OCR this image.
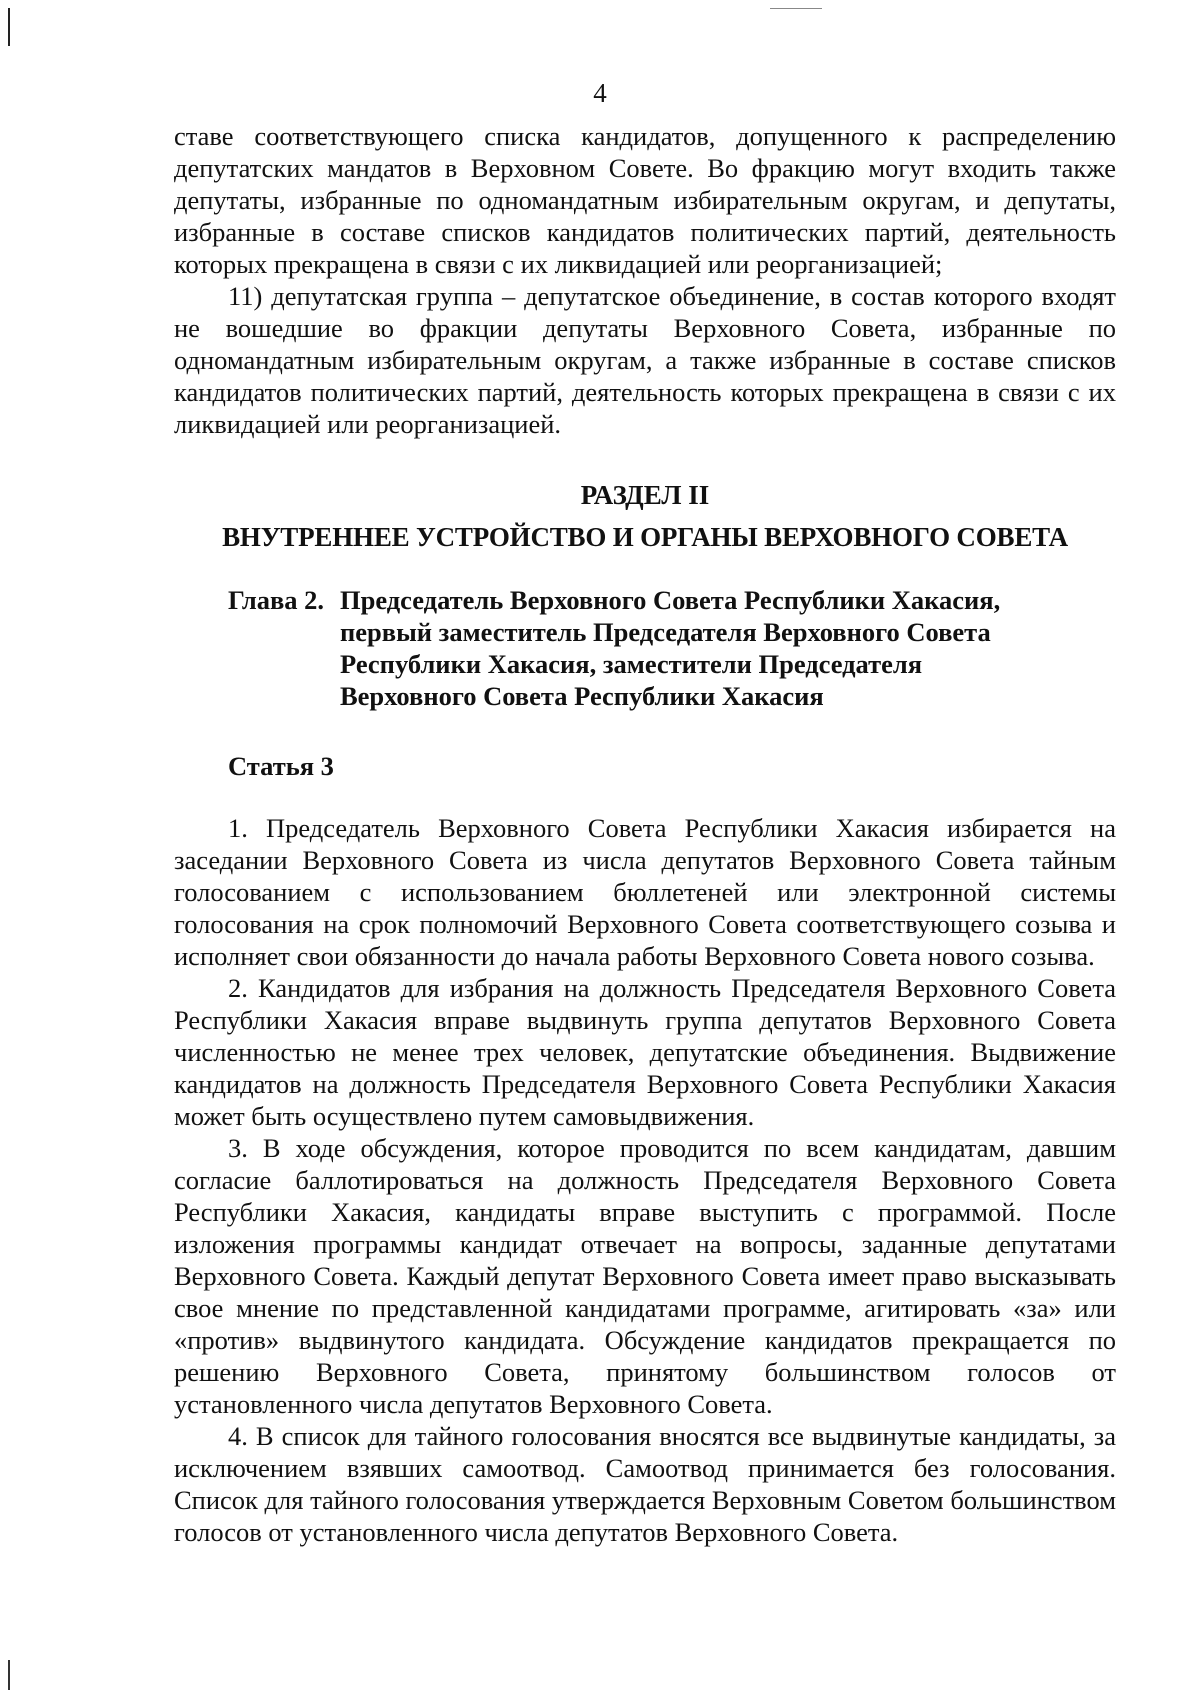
4

ставе соответствующего списка кандидатов, допущенного к распределению депутатских мандатов в Верховном Совете. Во фракцию могут входить также депутаты, избранные по одномандатным избирательным округам, и депутаты, избранные в составе списков кандидатов политических партий, деятельность которых прекращена в связи с их ликвидацией или реорганизацией;

11) депутатская группа – депутатское объединение, в состав которого входят не вошедшие во фракции депутаты Верховного Совета, избранные по одномандатным избирательным округам, а также избранные в составе списков кандидатов политических партий, деятельность которых прекращена в связи с их ликвидацией или реорганизацией.

РАЗДЕЛ II
ВНУТРЕННЕЕ УСТРОЙСТВО И ОРГАНЫ ВЕРХОВНОГО СОВЕТА
Глава 2. Председатель Верховного Совета Республики Хакасия,
первый заместитель Председателя Верховного Совета
Республики Хакасия, заместители Председателя
Верховного Совета Республики Хакасия
Статья 3

1. Председатель Верховного Совета Республики Хакасия избирается на заседании Верховного Совета из числа депутатов Верховного Совета тайным голосованием с использованием бюллетеней или электронной системы голосования на срок полномочий Верховного Совета соответствующего созыва и исполняет свои обязанности до начала работы Верховного Совета нового созыва.

2. Кандидатов для избрания на должность Председателя Верховного Совета Республики Хакасия вправе выдвинуть группа депутатов Верховного Совета численностью не менее трех человек, депутатские объединения. Выдвижение кандидатов на должность Председателя Верховного Совета Республики Хакасия может быть осуществлено путем самовыдвижения.

3. В ходе обсуждения, которое проводится по всем кандидатам, давшим согласие баллотироваться на должность Председателя Верховного Совета Республики Хакасия, кандидаты вправе выступить с программой. После изложения программы кандидат отвечает на вопросы, заданные депутатами Верховного Совета. Каждый депутат Верховного Совета имеет право высказывать свое мнение по представленной кандидатами программе, агитировать «за» или «против» выдвинутого кандидата. Обсуждение кандидатов прекращается по решению Верховного Совета, принятому большинством голосов от установленного числа депутатов Верховного Совета.

4. В список для тайного голосования вносятся все выдвинутые кандидаты, за исключением взявших самоотвод. Самоотвод принимается без голосования. Список для тайного голосования утверждается Верховным Советом большинством голосов от установленного числа депутатов Верховного Совета.
